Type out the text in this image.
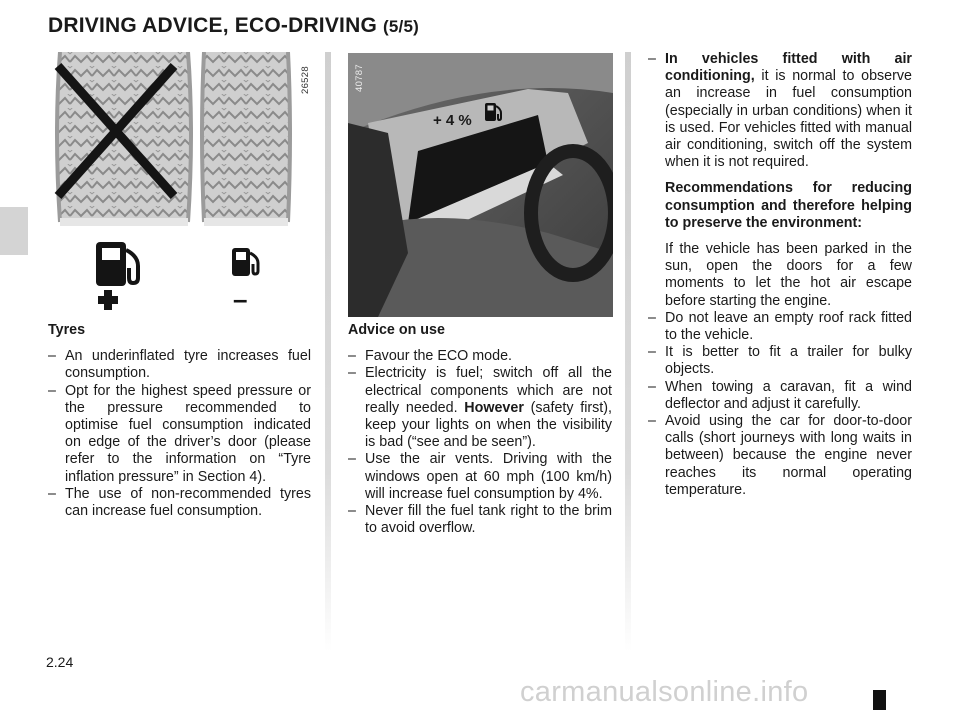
DRIVING ADVICE, ECO-DRIVING (5/5)
–
26528
+ 4 %
40787
Tyres
– An underinflated tyre increases fuel consumption.
– Opt for the highest speed pressure or the pressure recommended to optimise fuel consumption indicated on edge of the driver’s door (please refer to the information on “Tyre inflation pressure” in Section 4).
– The use of non-recommended tyres can increase fuel consumption.
Advice on use
– Favour the ECO mode.
– Electricity is fuel; switch off all the electrical components which are not really needed. However (safety first), keep your lights on when the visibility is bad (“see and be seen”).
– Use the air vents. Driving with the windows open at 60 mph (100 km/h) will increase fuel consumption by 4%.
– Never fill the fuel tank right to the brim to avoid overflow.
– In vehicles fitted with air conditioning, it is normal to observe an increase in fuel consumption (especially in urban conditions) when it is used. For vehicles fitted with manual air conditioning, switch off the system when it is not required.
Recommendations for reducing consumption and therefore helping to preserve the environment:
If the vehicle has been parked in the sun, open the doors for a few moments to let the hot air escape before starting the engine.
– Do not leave an empty roof rack fitted to the vehicle.
– It is better to fit a trailer for bulky objects.
– When towing a caravan, fit a wind deflector and adjust it carefully.
– Avoid using the car for door-to-door calls (short journeys with long waits in between) because the engine never reaches its normal operating temperature.
2.24
carmanualsonline.info
